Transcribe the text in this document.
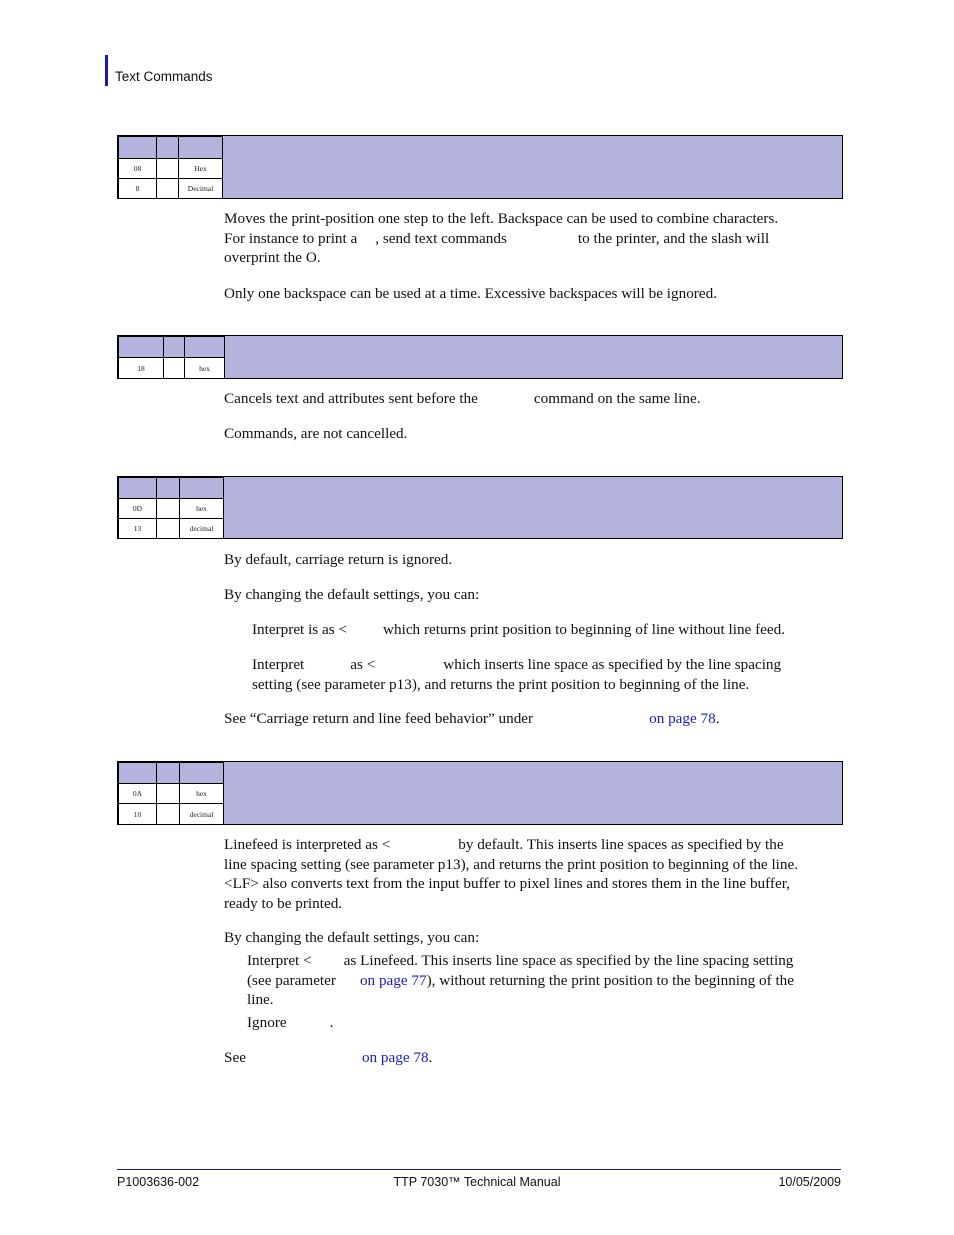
Text Commands

08		Hex
8		Decimal
Moves the print-position one step to the left. Backspace can be used to combine characters.
For instance to print a , send text commands	to the printer, and the slash will
overprint the O.
Only one backspace can be used at a time. Excessive backspaces will be ignored.

18		hex
Cancels text and attributes sent before the	command on the same line.
Commands, are not cancelled.

0D		hex
13		decimal
By default, carriage return is ignored.
By changing the default settings, you can:
Interpret is as < which returns print position to beginning of line without line feed.
Interpret	as <	which inserts line space as specified by the line spacing
setting (see parameter p13), and returns the print position to beginning of the line.
See “Carriage return and line feed behavior” under	on page 78.

0A		hex
10		decimal
Linefeed is interpreted as <	by default. This inserts line spaces as specified by the
line spacing setting (see parameter p13), and returns the print position to beginning of the line.
<LF> also converts text from the input buffer to pixel lines and stores them in the line buffer,
ready to be printed.
By changing the default settings, you can:
Interpret < as Linefeed. This inserts line space as specified by the line spacing setting
(see parameter on page 77), without returning the print position to the beginning of the
line.
Ignore	.
See	on page 78.
P1003636-002	TTP 7030™ Technical Manual	10/05/2009
